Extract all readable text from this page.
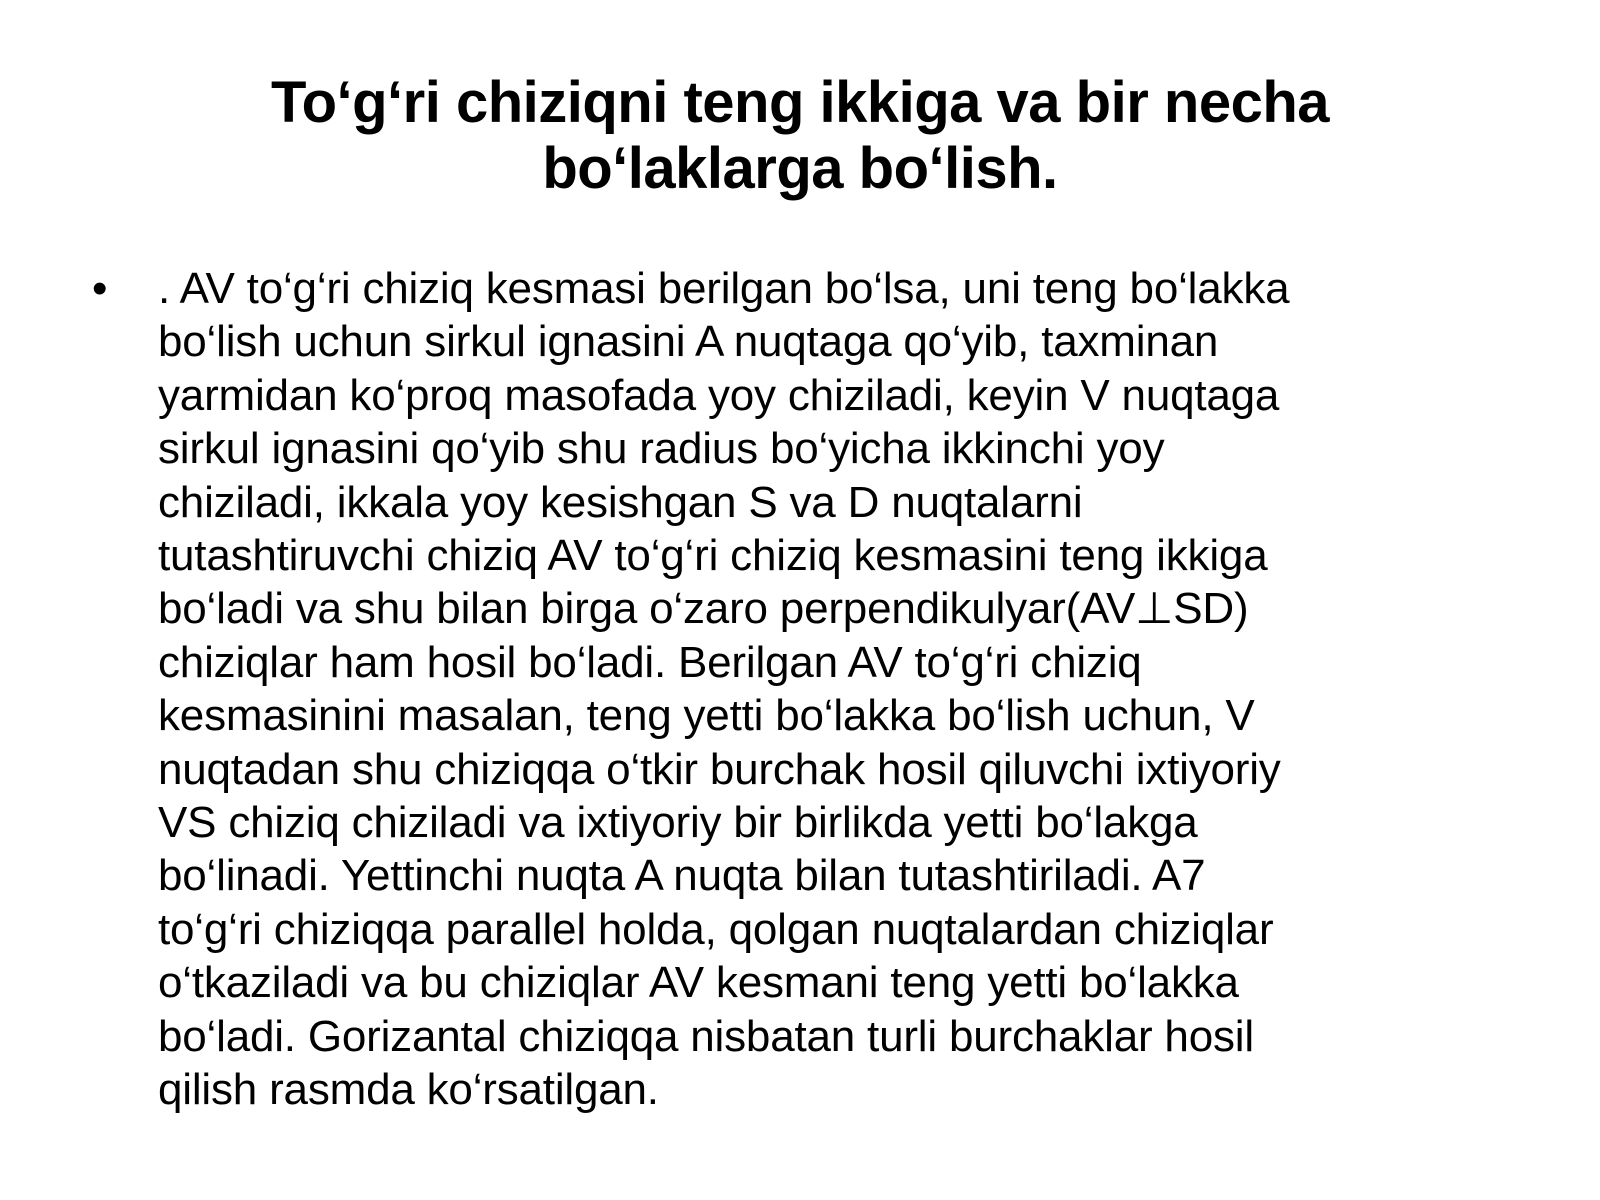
To‘g‘ri chiziqni teng ikkiga va bir necha
bo‘laklarga bo‘lish.
• . AV to‘g‘ri chiziq kesmasi berilgan bo‘lsa, uni teng bo‘lakka
bo‘lish uchun sirkul ignasini A nuqtaga qo‘yib, taxminan
yarmidan ko‘proq masofada yoy chiziladi, keyin V nuqtaga
sirkul ignasini qo‘yib shu radius bo‘yicha ikkinchi yoy
chiziladi, ikkala yoy kesishgan S va D nuqtalarni
tutashtiruvchi chiziq AV to‘g‘ri chiziq kesmasini teng ikkiga
bo‘ladi va shu bilan birga o‘zaro perpendikulyar(AV⊥SD)
chiziqlar ham hosil bo‘ladi. Berilgan AV to‘g‘ri chiziq
kesmasinini masalan, teng yetti bo‘lakka bo‘lish uchun, V
nuqtadan shu chiziqqa o‘tkir burchak hosil qiluvchi ixtiyoriy
VS chiziq chiziladi va ixtiyoriy bir birlikda yetti bo‘lakga
bo‘linadi. Yettinchi nuqta A nuqta bilan tutashtiriladi. A7
to‘g‘ri chiziqqa parallel holda, qolgan nuqtalardan chiziqlar
o‘tkaziladi va bu chiziqlar AV kesmani teng yetti bo‘lakka
bo‘ladi. Gorizantal chiziqqa nisbatan turli burchaklar hosil
qilish rasmda ko‘rsatilgan.
